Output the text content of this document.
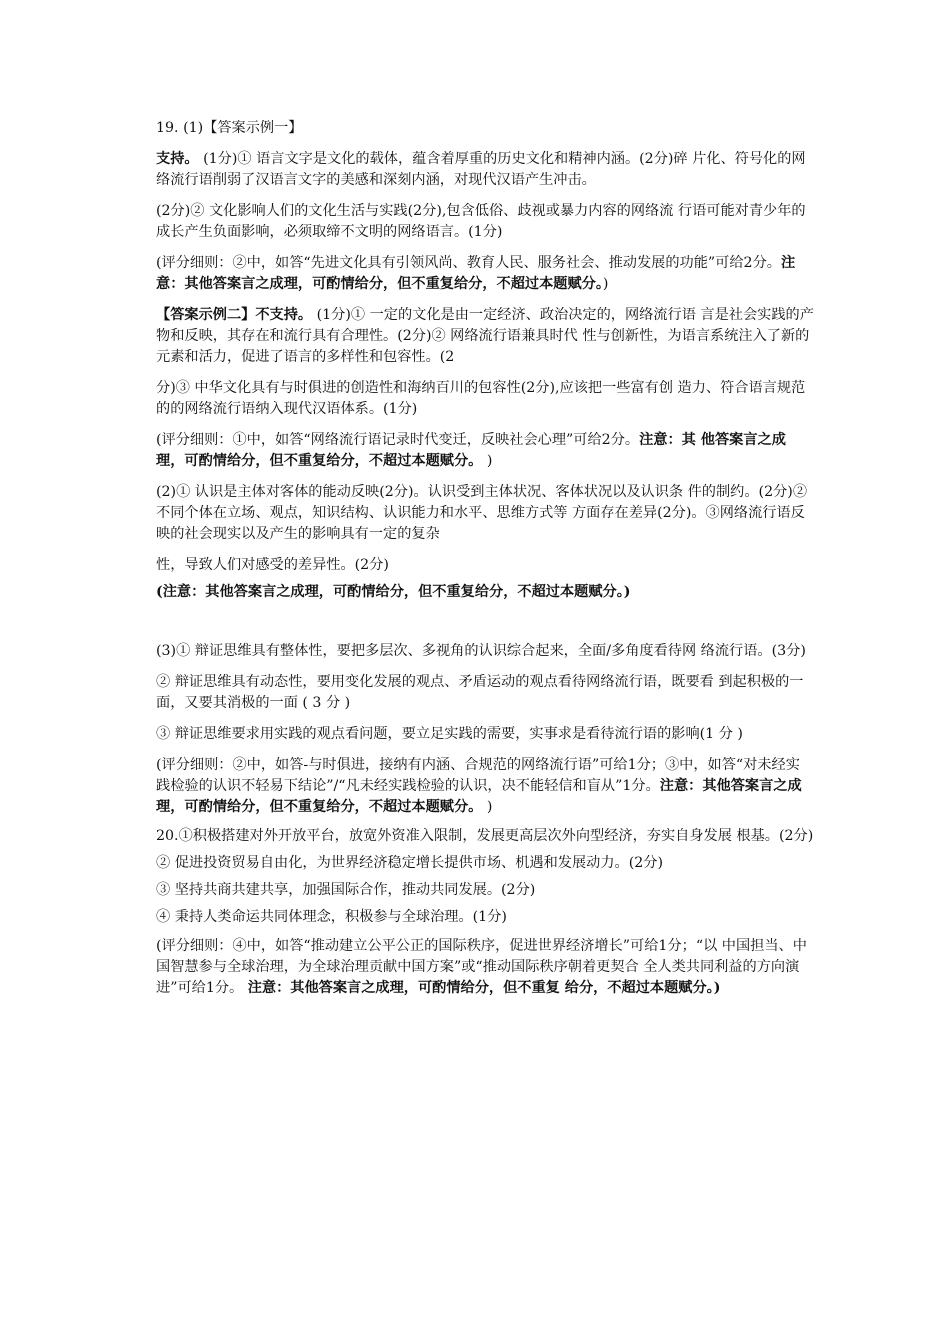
19. (1)【答案示例一】

支持。 (1分)① 语言文字是文化的载体，蕴含着厚重的历史文化和精神内涵。(2分)碎 片化、符号化的网络流行语削弱了汉语言文字的美感和深刻内涵，对现代汉语产生冲击。

(2分)② 文化影响人们的文化生活与实践(2分),包含低俗、歧视或暴力内容的网络流 行语可能对青少年的成长产生负面影响，必须取缔不文明的网络语言。(1分)

(评分细则：②中，如答“先进文化具有引领风尚、教育人民、服务社会、推动发展的功能”可给2分。注意：其他答案言之成理，可酌情给分，但不重复给分，不超过本题赋分。)

【答案示例二】不支持。 (1分)① 一定的文化是由一定经济、政治决定的，网络流行语 言是社会实践的产物和反映，其存在和流行具有合理性。(2分)② 网络流行语兼具时代 性与创新性，为语言系统注入了新的元素和活力，促进了语言的多样性和包容性。(2

分)③ 中华文化具有与时俱进的创造性和海纳百川的包容性(2分),应该把一些富有创 造力、符合语言规范的的网络流行语纳入现代汉语体系。(1分)

(评分细则：①中，如答“网络流行语记录时代变迁，反映社会心理”可给2分。注意：其 他答案言之成理，可酌情给分，但不重复给分，不超过本题赋分。 )

(2)① 认识是主体对客体的能动反映(2分)。认识受到主体状况、客体状况以及认识条 件的制约。(2分)② 不同个体在立场、观点，知识结构、认识能力和水平、思维方式等 方面存在差异(2分)。③网络流行语反映的社会现实以及产生的影响具有一定的复杂

性，导致人们对感受的差异性。(2分)

(注意：其他答案言之成理，可酌情给分，但不重复给分，不超过本题赋分。)

(3)① 辩证思维具有整体性，要把多层次、多视角的认识综合起来，全面/多角度看待网 络流行语。(3分)

② 辩证思维具有动态性，要用变化发展的观点、矛盾运动的观点看待网络流行语，既要看 到起积极的一面，又要其消极的一面 ( 3 分 )

③ 辩证思维要求用实践的观点看问题，要立足实践的需要，实事求是看待流行语的影响(1 分 )

(评分细则：②中，如答-与时俱进，接纳有内涵、合规范的网络流行语”可给1分；③中，如答“对未经实践检验的认识不轻易下结论”/“凡未经实践检验的认识，决不能轻信和盲从”1分。注意：其他答案言之成理，可酌情给分，但不重复给分，不超过本题赋分。 )

20.①积极搭建对外开放平台，放宽外资准入限制，发展更高层次外向型经济，夯实自身发展 根基。(2分)

② 促进投资贸易自由化，为世界经济稳定增长提供市场、机遇和发展动力。(2分)

③ 坚持共商共建共享，加强国际合作，推动共同发展。(2分)

④ 秉持人类命运共同体理念，积极参与全球治理。(1分)

(评分细则：④中，如答“推动建立公平公正的国际秩序，促进世界经济增长”可给1分；“以 中国担当、中国智慧参与全球治理，为全球治理贡献中国方案”或“推动国际秩序朝着更契合 全人类共同利益的方向演进”可给1分。 注意：其他答案言之成理，可酌情给分，但不重复 给分，不超过本题赋分。)
